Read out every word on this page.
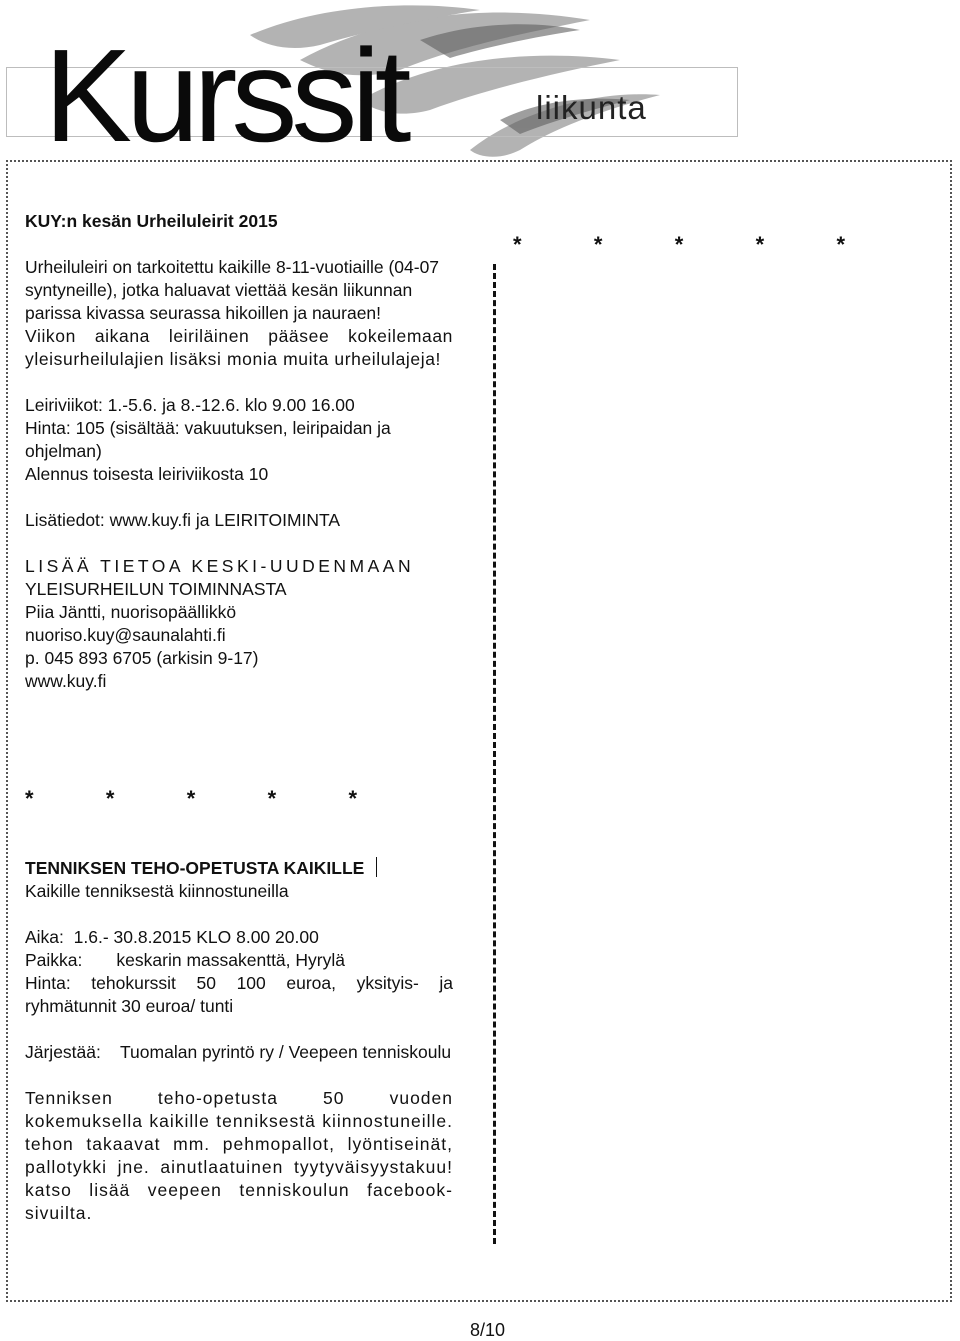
Kurssit	liikunta
*	*	*	*	*

KUY:n kesän Urheiluleirit 2015

Urheiluleiri on tarkoitettu kaikille 8-11-vuotiaille (04-07 syntyneille), jotka haluavat viettää kesän liikunnan parissa kivassa seurassa hikoillen ja nauraen!

Viikon aikana leiriläinen pääsee kokeilemaan yleisurheilulajien lisäksi monia muita urheilulajeja!

Leiriviikot: 1.-5.6. ja 8.-12.6. klo 9.00 16.00

Hinta: 105 (sisältää: vakuutuksen, leiripaidan ja ohjelman)

Alennus toisesta leiriviikosta 10

Lisätiedot: www.kuy.fi ja LEIRITOIMINTA

LISÄÄ TIETOA KESKI-UUDENMAAN

YLEISURHEILUN TOIMINNASTA

Piia Jäntti, nuorisopäällikkö

nuoriso.kuy@saunalahti.fi

p. 045 893 6705 (arkisin 9-17)

www.kuy.fi

*	*	*	*	*

TENNIKSEN TEHO-OPETUSTA KAIKILLE

Kaikille tenniksestä kiinnostuneilla

Aika:  1.6.- 30.8.2015 KLO 8.00 20.00

Paikka:       keskarin massakenttä, Hyrylä

Hinta: tehokurssit 50 100 euroa, yksityis- ja ryhmätunnit 30 euroa/ tunti

Järjestää:    Tuomalan pyrintö ry / Veepeen tenniskoulu

Tenniksen teho-opetusta 50 vuoden kokemuksella kaikille tenniksestä kiinnostuneille. tehon takaavat mm. pehmopallot, lyöntiseinät, pallotykki jne. ainutlaatuinen tyytyväisyystakuu! katso lisää veepeen tenniskoulun facebook-sivuilta.

8/10
